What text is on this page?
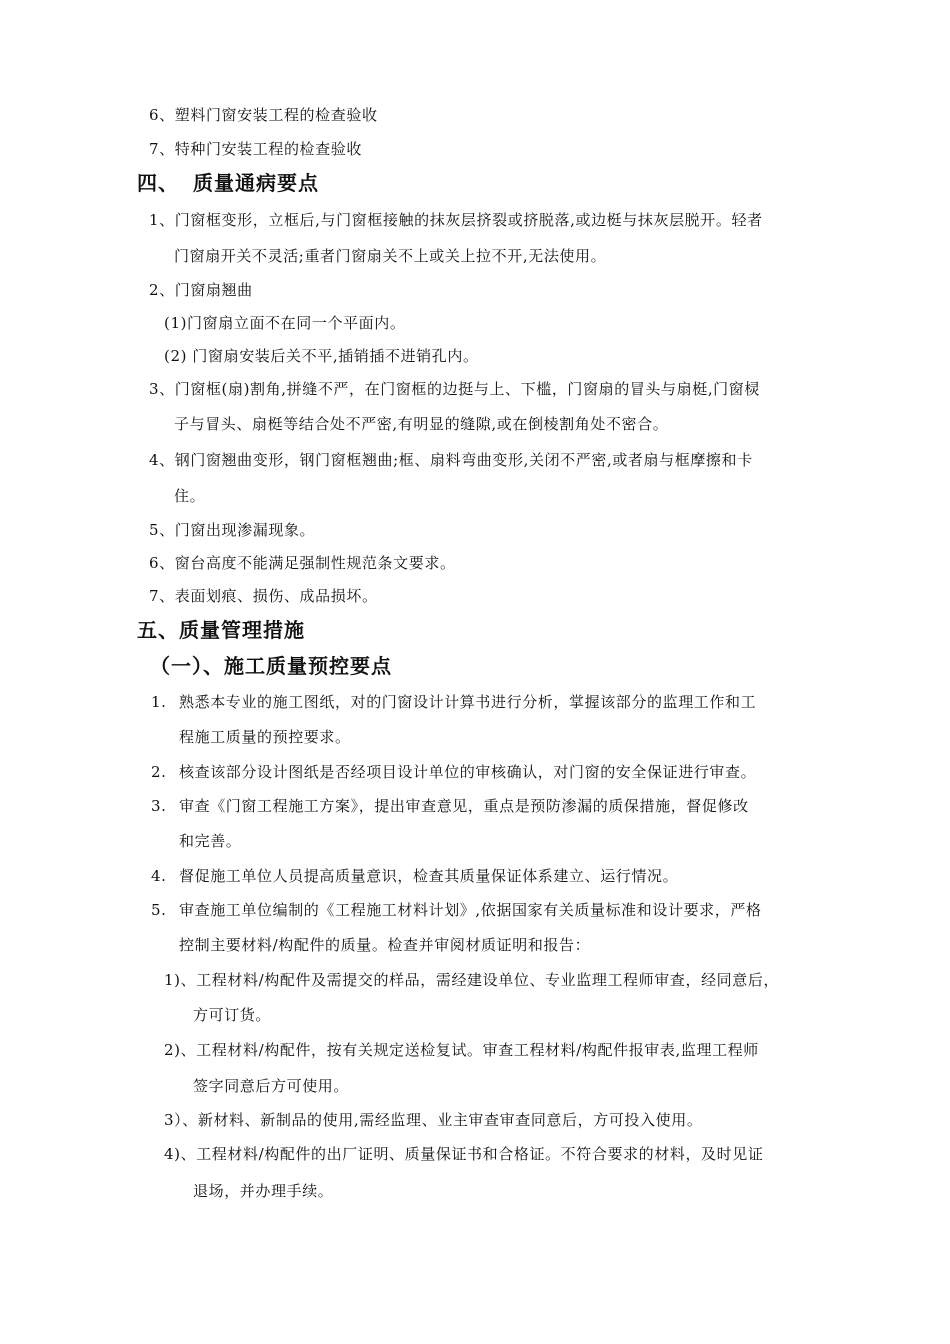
6、塑料门窗安装工程的检查验收
7、特种门安装工程的检查验收
四、 质量通病要点
1、门窗框变形，立框后,与门窗框接触的抹灰层挤裂或挤脱落,或边梃与抹灰层脱开。轻者
门窗扇开关不灵活;重者门窗扇关不上或关上拉不开,无法使用。
2、门窗扇翘曲
(1)门窗扇立面不在同一个平面内。
(2) 门窗扇安装后关不平,插销插不进销孔内。
3、门窗框(扇)割角,拼缝不严，在门窗框的边挺与上、下槛，门窗扇的冒头与扇梃,门窗棂
子与冒头、扇梃等结合处不严密,有明显的缝隙,或在倒棱割角处不密合。
4、钢门窗翘曲变形，钢门窗框翘曲;框、扇料弯曲变形,关闭不严密,或者扇与框摩擦和卡
住。
5、门窗出现渗漏现象。
6、窗台高度不能满足强制性规范条文要求。
7、表面划痕、损伤、成品损坏。
五、质量管理措施
（一）、施工质量预控要点
1. 熟悉本专业的施工图纸，对的门窗设计计算书进行分析，掌握该部分的监理工作和工
程施工质量的预控要求。
2. 核查该部分设计图纸是否经项目设计单位的审核确认，对门窗的安全保证进行审查。
3. 审查《门窗工程施工方案》，提出审查意见，重点是预防渗漏的质保措施，督促修改
和完善。
4. 督促施工单位人员提高质量意识，检查其质量保证体系建立、运行情况。
5. 审查施工单位编制的《工程施工材料计划》,依据国家有关质量标准和设计要求，严格
控制主要材料/构配件的质量。检查并审阅材质证明和报告：
1)、工程材料/构配件及需提交的样品，需经建设单位、专业监理工程师审查，经同意后，
方可订货。
2)、工程材料/构配件，按有关规定送检复试。审查工程材料/构配件报审表,监理工程师
签字同意后方可使用。
3）、新材料、新制品的使用,需经监理、业主审查审查同意后，方可投入使用。
4)、工程材料/构配件的出厂证明、质量保证书和合格证。不符合要求的材料，及时见证
退场，并办理手续。
